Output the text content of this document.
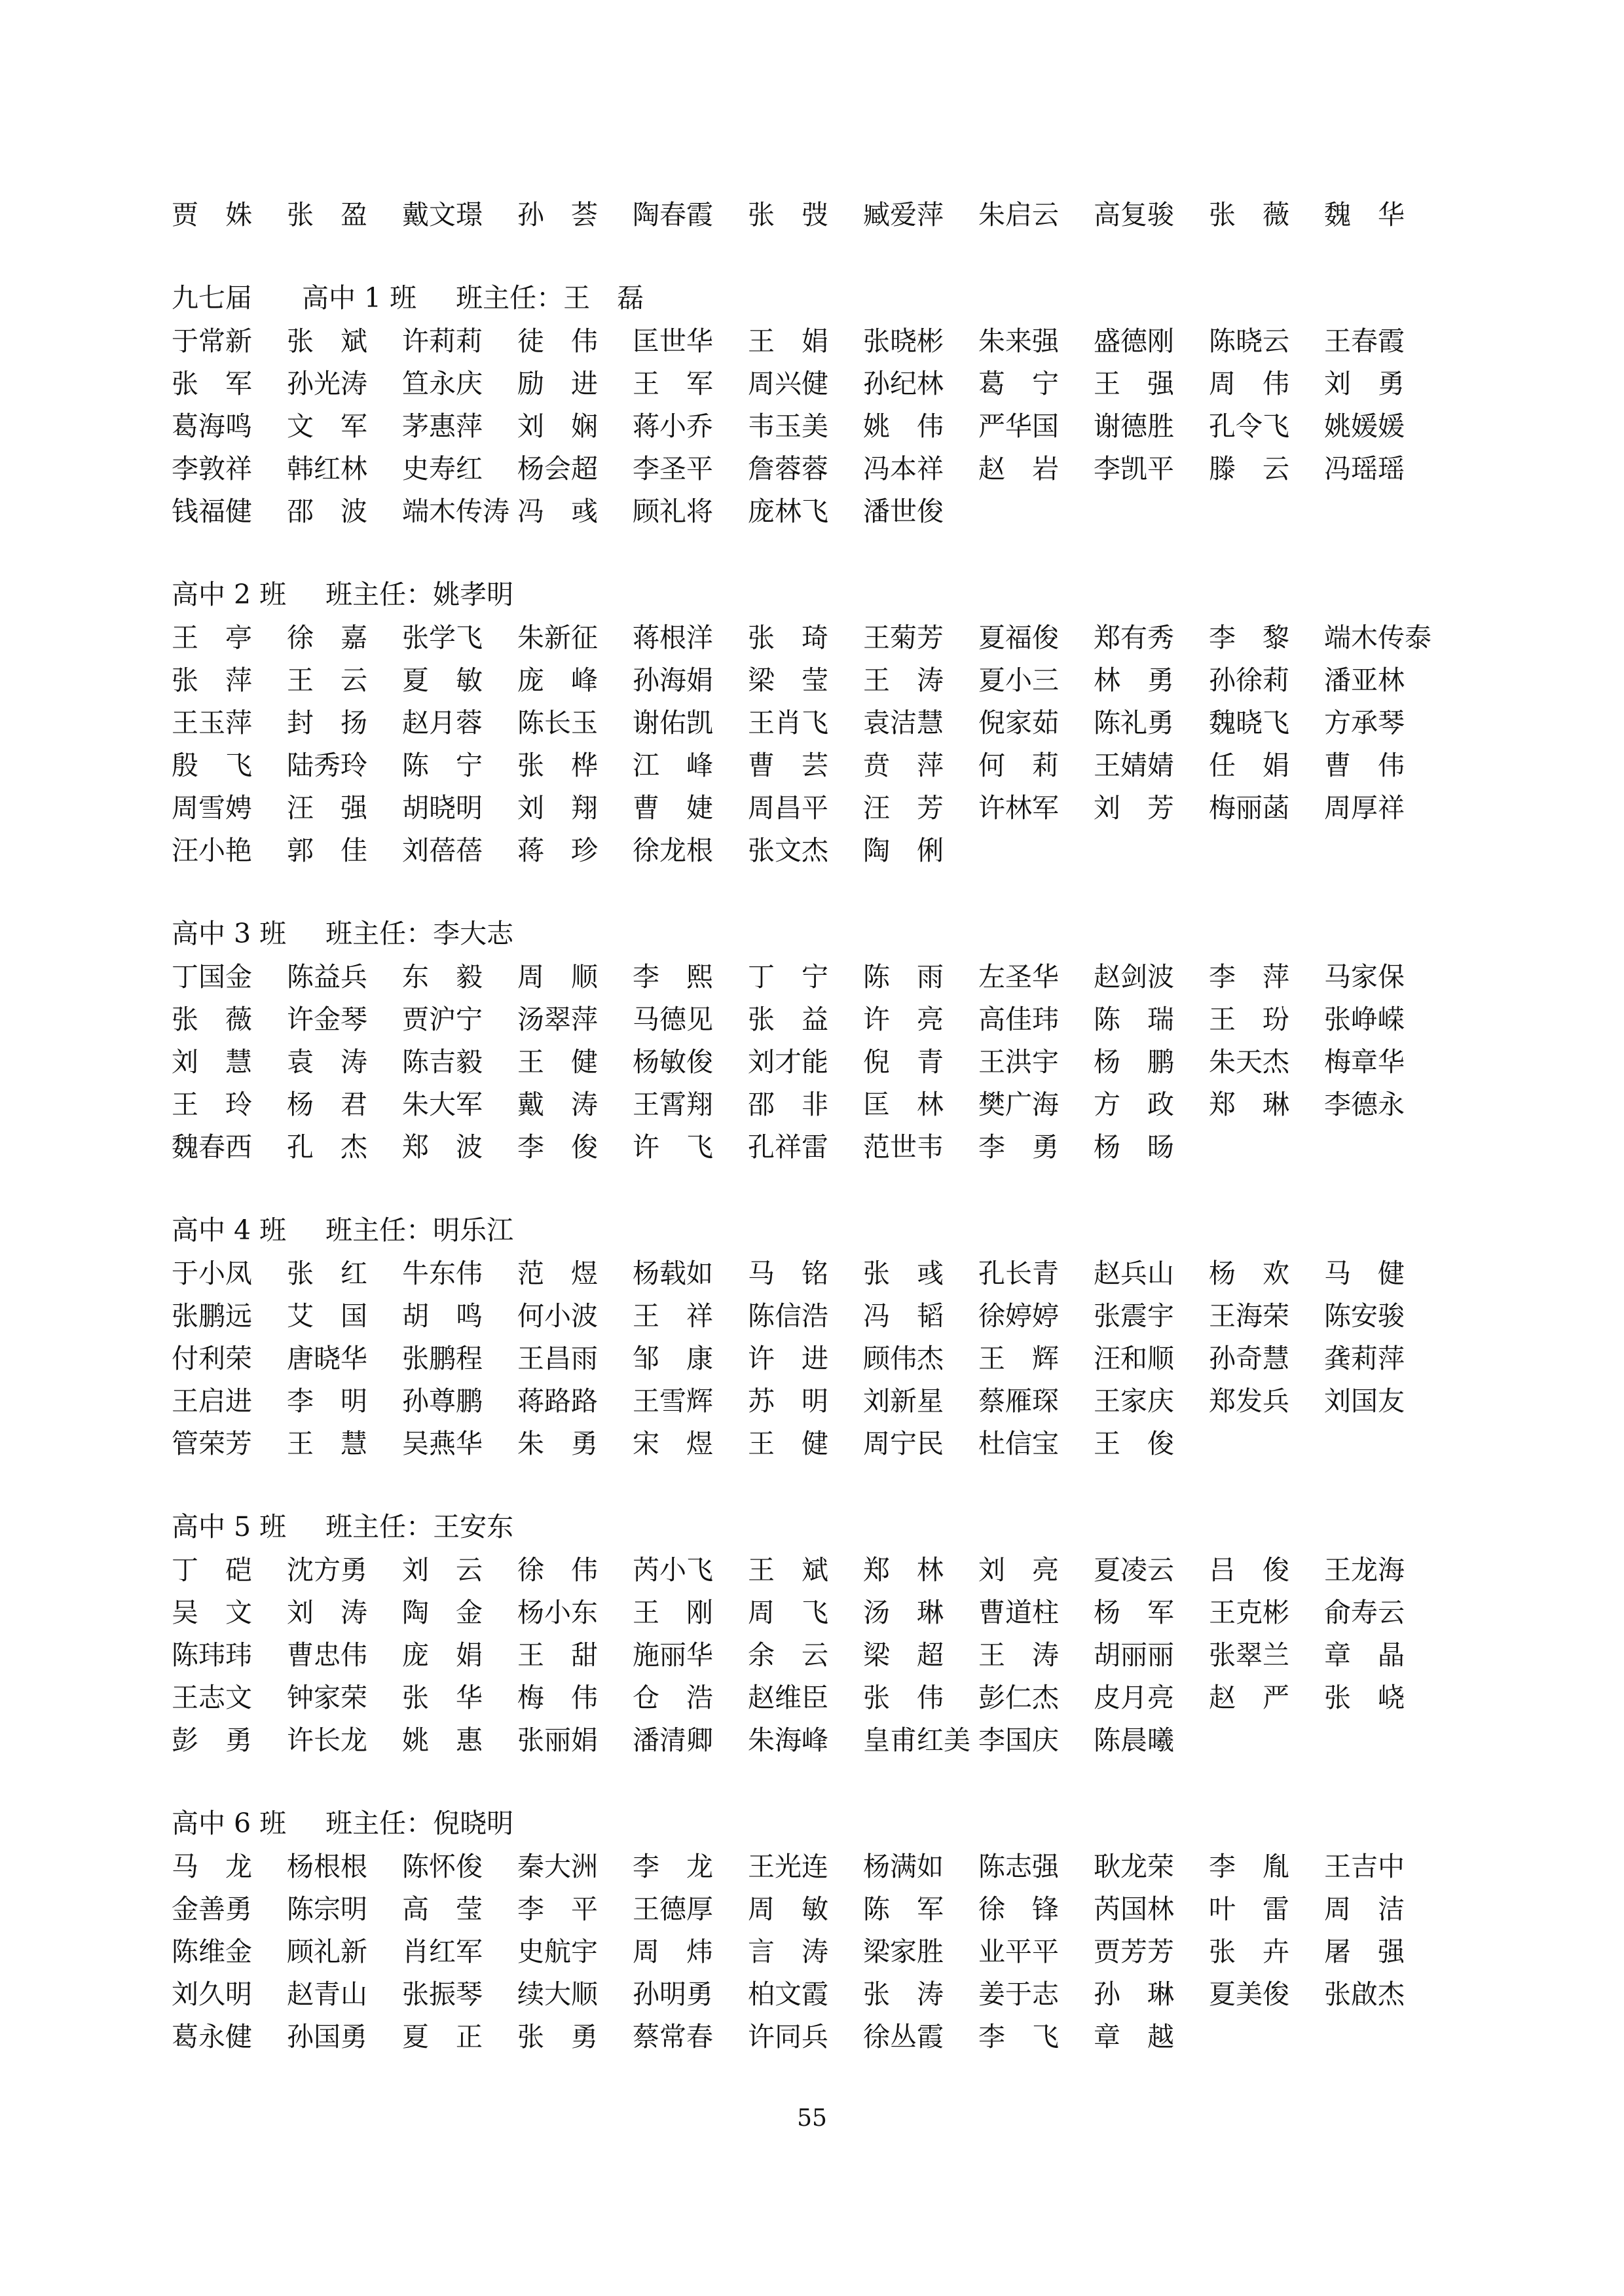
贾　姝	张　盈	戴文璟	孙　荟	陶春霞	张　弢	臧爱萍	朱启云	高复骏	张　薇	魏　华
九七届 高中 1 班 班主任：王　磊
于常新	张　斌	许莉莉	徒　伟	匡世华	王　娟	张晓彬	朱来强	盛德刚	陈晓云	王春霞
张　军	孙光涛	笪永庆	励　进	王　军	周兴健	孙纪林	葛　宁	王　强	周　伟	刘　勇
葛海鸣	文　军	茅惠萍	刘　娴	蒋小乔	韦玉美	姚　伟	严华国	谢德胜	孔令飞	姚媛媛
李敦祥	韩红林	史寿红	杨会超	李圣平	詹蓉蓉	冯本祥	赵　岩	李凯平	滕　云	冯瑶瑶
钱福健	邵　波	端木传涛 冯　彧	顾礼将	庞林飞	潘世俊
高中 2 班 班主任：姚孝明
王　亭	徐　嘉	张学飞	朱新征	蒋根洋	张　琦	王菊芳	夏福俊	郑有秀	李　黎	端木传泰
张　萍	王　云	夏　敏	庞　峰	孙海娟	梁　莹	王　涛	夏小三	林　勇	孙徐莉	潘亚林
王玉萍	封　扬	赵月蓉	陈长玉	谢佑凯	王肖飞	袁洁慧	倪家茹	陈礼勇	魏晓飞	方承琴
殷　飞	陆秀玲	陈　宁	张　桦	江　峰	曹　芸	贲　萍	何　莉	王婧婧	任　娟	曹　伟
周雪娉	汪　强	胡晓明	刘　翔	曹　婕	周昌平	汪　芳	许林军	刘　芳	梅丽菡	周厚祥
汪小艳	郭　佳	刘蓓蓓	蒋　珍	徐龙根	张文杰	陶　俐
高中 3 班 班主任：李大志
丁国金	陈益兵	东　毅	周　顺	李　熙	丁　宁	陈　雨	左圣华	赵剑波	李　萍	马家保
张　薇	许金琴	贾沪宁	汤翠萍	马德见	张　益	许　亮	高佳玮	陈　瑞	王　玢	张峥嵘
刘　慧	袁　涛	陈吉毅	王　健	杨敏俊	刘才能	倪　青	王洪宇	杨　鹏	朱天杰	梅章华
王　玲	杨　君	朱大军	戴　涛	王霄翔	邵　非	匡　林	樊广海	方　政	郑　琳	李德永
魏春西	孔　杰	郑　波	李　俊	许　飞	孔祥雷	范世韦	李　勇	杨　旸
高中 4 班 班主任：明乐江
于小凤	张　红	牛东伟	范　煜	杨载如	马　铭	张　彧	孔长青	赵兵山	杨　欢	马　健
张鹏远	艾　国	胡　鸣	何小波	王　祥	陈信浩	冯　韬	徐婷婷	张震宇	王海荣	陈安骏
付利荣	唐晓华	张鹏程	王昌雨	邹　康	许　进	顾伟杰	王　辉	汪和顺	孙奇慧	龚莉萍
王启进	李　明	孙尊鹏	蒋路路	王雪辉	苏　明	刘新星	蔡雁琛	王家庆	郑发兵	刘国友
管荣芳	王　慧	吴燕华	朱　勇	宋　煜	王　健	周宁民	杜信宝	王　俊
高中 5 班 班主任：王安东
丁　硙	沈方勇	刘　云	徐　伟	芮小飞	王　斌	郑　林	刘　亮	夏凌云	吕　俊	王龙海
吴　文	刘　涛	陶　金	杨小东	王　刚	周　飞	汤　琳	曹道柱	杨　军	王克彬	俞寿云
陈玮玮	曹忠伟	庞　娟	王　甜	施丽华	余　云	梁　超	王　涛	胡丽丽	张翠兰	章　晶
王志文	钟家荣	张　华	梅　伟	仓　浩	赵维臣	张　伟	彭仁杰	皮月亮	赵　严	张　峣
彭　勇	许长龙	姚　惠	张丽娟	潘清卿	朱海峰	皇甫红美 李国庆	陈晨曦
高中 6 班 班主任：倪晓明
马　龙	杨根根	陈怀俊	秦大洲	李　龙	王光连	杨满如	陈志强	耿龙荣	李　胤	王吉中
金善勇	陈宗明	高　莹	李　平	王德厚	周　敏	陈　军	徐　锋	芮国林	叶　雷	周　洁
陈维金	顾礼新	肖红军	史航宇	周　炜	言　涛	梁家胜	业平平	贾芳芳	张　卉	屠　强
刘久明	赵青山	张振琴	续大顺	孙明勇	柏文霞	张　涛	姜于志	孙　琳	夏美俊	张啟杰
葛永健	孙国勇	夏　正	张　勇	蔡常春	许同兵	徐丛霞	李　飞	章　越
55
